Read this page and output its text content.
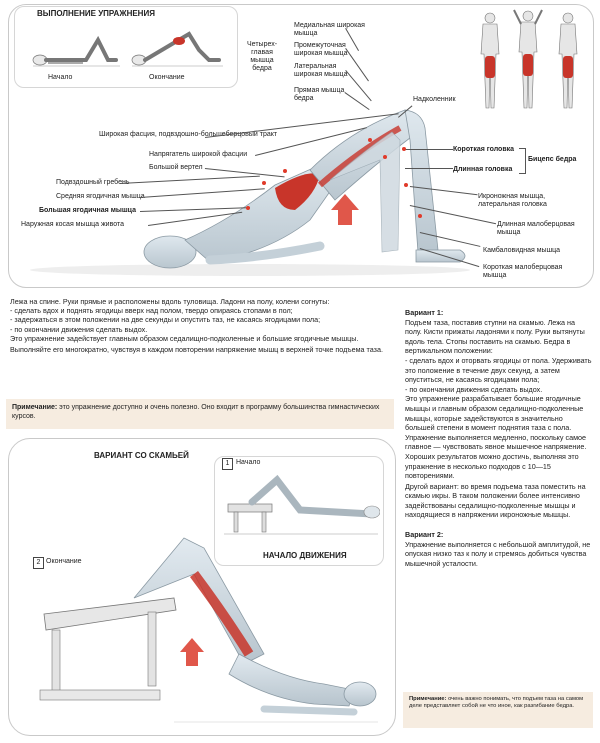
ВЫПОЛНЕНИЕ УПРАЖНЕНИЯ
Начало	Окончание
Четырех-
главая
мышца
бедра
Медиальная широкая
мышца
Промежуточная
широкая мышца
Латеральная
широкая мышца
Прямая мышца
бедра	Надколенник
Широкая фасция, подвздошно-большеберцовый тракт
Напрягатель широкой фасции
Большой вертел
Подвздошный гребень
Средняя ягодичная мышца
Большая ягодичная мышца
Наружная косая мышца живота
Короткая головка
Длинная головка
Бицепс бедра
Икроножная мышца,
латеральная головка
Длинная малоберцовая
мышца
Камбаловидная мышца
Короткая малоберцовая
мышца
Лежа на спине. Руки прямые и расположены вдоль туловища. Ладони на полу, колени согнуты:
- сделать вдох и поднять ягодицы вверх над полом, твердо опираясь стопами в пол;
- задержаться в этом положении на две секунды и опустить таз, не касаясь ягодицами пола;
- по окончании движения сделать выдох.
Это упражнение задействует главным образом седалищно-подколенные и большие ягодичные мышцы.
Выполняйте его многократно, чувствуя в каждом повторении напряжение мышц в верхней точке подъема таза.
Примечание: это упражнение доступно и очень полезно. Оно входит в программу большинства гимнастических курсов.
ВАРИАНТ СО СКАМЬЕЙ
1 Начало
НАЧАЛО ДВИЖЕНИЯ
2 Окончание
Вариант 1:
Подъем таза, поставив ступни на скамью. Лежа на полу. Кисти прижаты ладонями к полу. Руки вытянуты вдоль тела. Стопы поставить на скамью. Бедра в вертикальном положении:
- сделать вдох и оторвать ягодицы от пола. Удерживать это положение в течение двух секунд, а затем опуститься, не касаясь ягодицами пола;
- по окончании движения сделать выдох.
Это упражнение разрабатывает большие ягодичные мышцы и главным образом седалищно-подколенные мышцы, которые задействуются в значительно большей степени в момент поднятия таза с пола. Упражнение выполняется медленно, поскольку самое главное — чувствовать явное мышечное напряжение. Хороших результатов можно достичь, выполняя это упражнение в несколько подходов с 10—15 повторениями.
Другой вариант: во время подъема таза поместить на скамью икры. В таком положении более интенсивно задействованы седалищно-подколенные мышцы и находящиеся в напряжении икроножные мышцы.
Вариант 2:
Упражнение выполняется с небольшой амплитудой, не опуская низко таз к полу и стремясь добиться чувства мышечной усталости.
Примечание: очень важно понимать, что подъем таза на самом деле представляет собой не что иное, как разгибание бедра.
